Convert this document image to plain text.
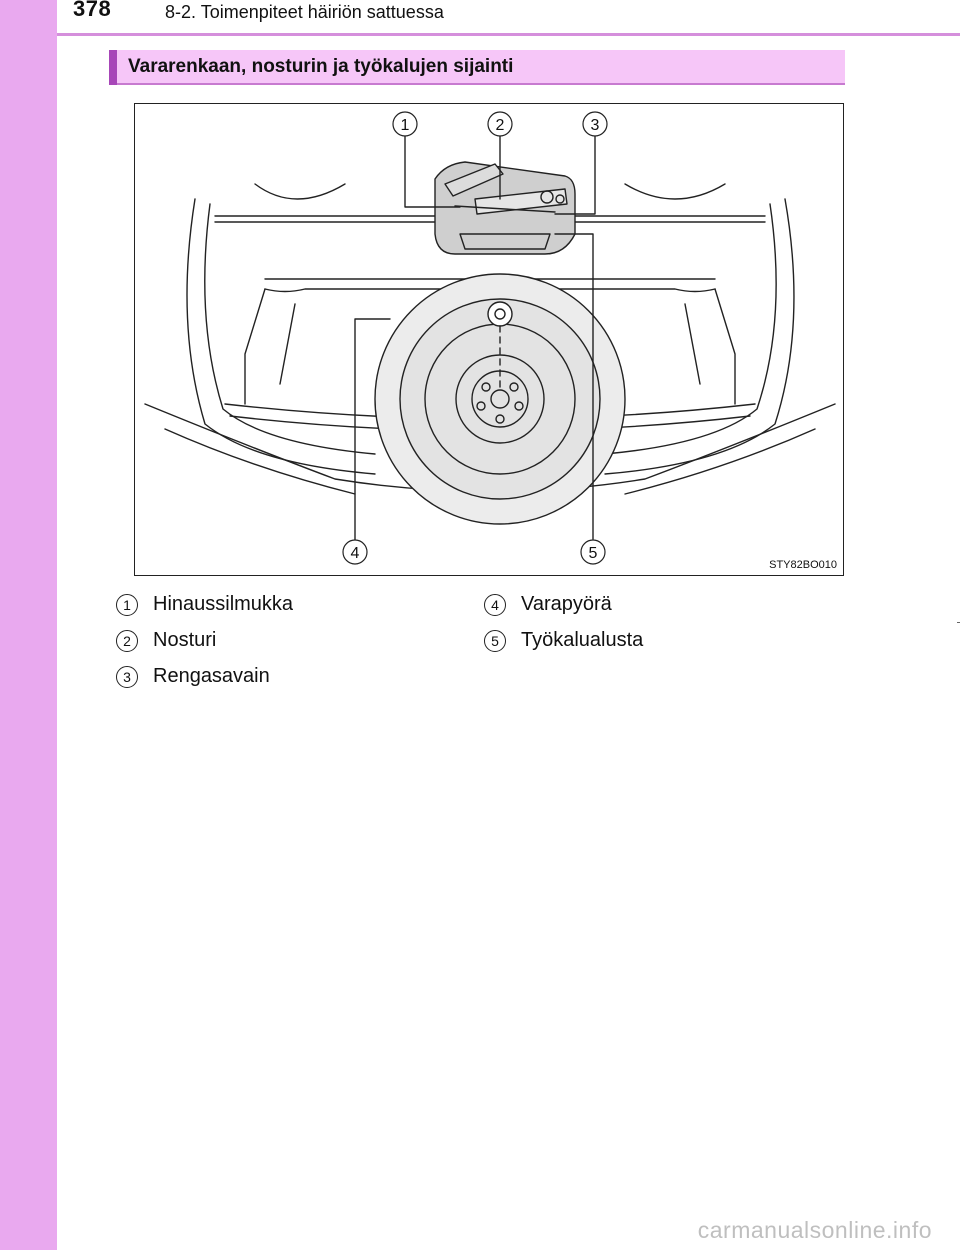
378	8-2. Toimenpiteet häiriön sattuessa
Vararenkaan, nosturin ja työkalujen sijainti
1	2	3
4	5
STY82BO010
1	Hinaussilmukka
2	Nosturi
3	Rengasavain
4	Varapyörä
5	Työkalualusta
carmanualsonline.info
